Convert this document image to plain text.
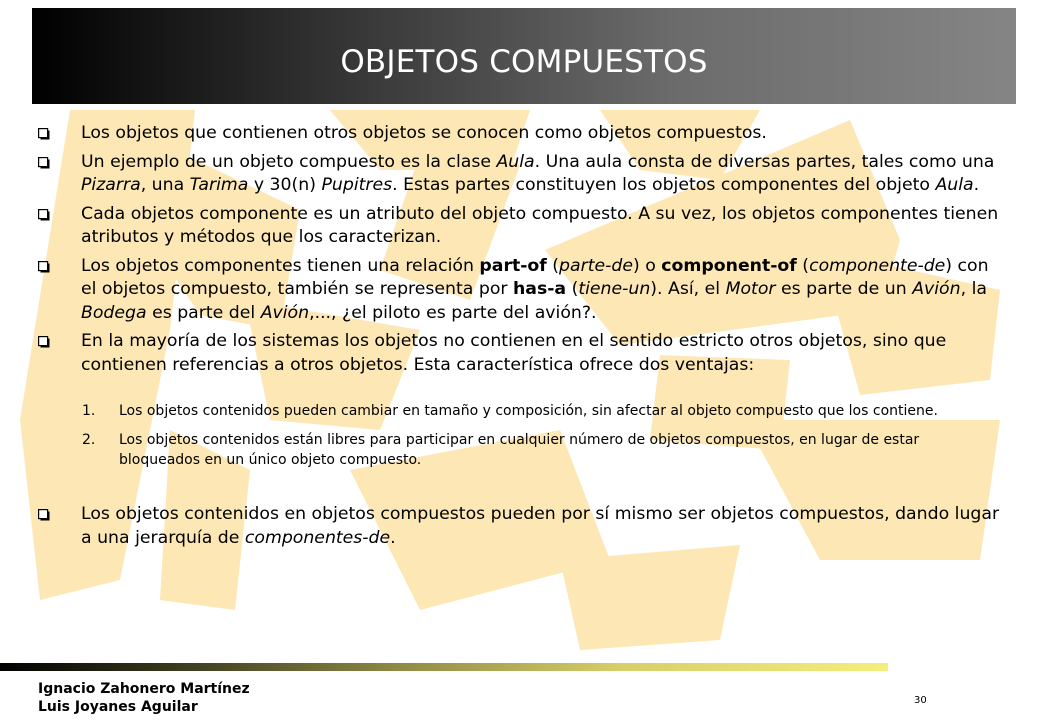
OBJETOS COMPUESTOS
Los objetos que contienen otros objetos se conocen como objetos compuestos.
Un ejemplo de un objeto compuesto es la clase Aula. Una aula consta de diversas partes, tales como una Pizarra, una Tarima y 30(n) Pupitres. Estas partes constituyen los objetos componentes del objeto Aula.
Cada objetos componente es un atributo del objeto compuesto. A su vez, los objetos componentes tienen atributos y métodos que los caracterizan.
Los objetos componentes tienen una relación part-of (parte-de) o component-of (componente-de) con el objetos compuesto, también se representa por has-a (tiene-un). Así, el Motor es parte de un Avión, la Bodega es parte del Avión,..., ¿el piloto es parte del avión?.
En la mayoría de los sistemas los objetos no contienen en el sentido estricto otros objetos, sino que contienen referencias a otros objetos. Esta característica ofrece dos ventajas:
1. Los objetos contenidos pueden cambiar en tamaño y composición, sin afectar al objeto compuesto que los contiene.
2. Los objetos contenidos están libres para participar en cualquier número de objetos compuestos, en lugar de estar bloqueados en un único objeto compuesto.
Los objetos contenidos en objetos compuestos pueden por sí mismo ser objetos compuestos, dando lugar a una jerarquía de componentes-de.
Ignacio Zahonero Martínez
Luis Joyanes Aguilar	30
